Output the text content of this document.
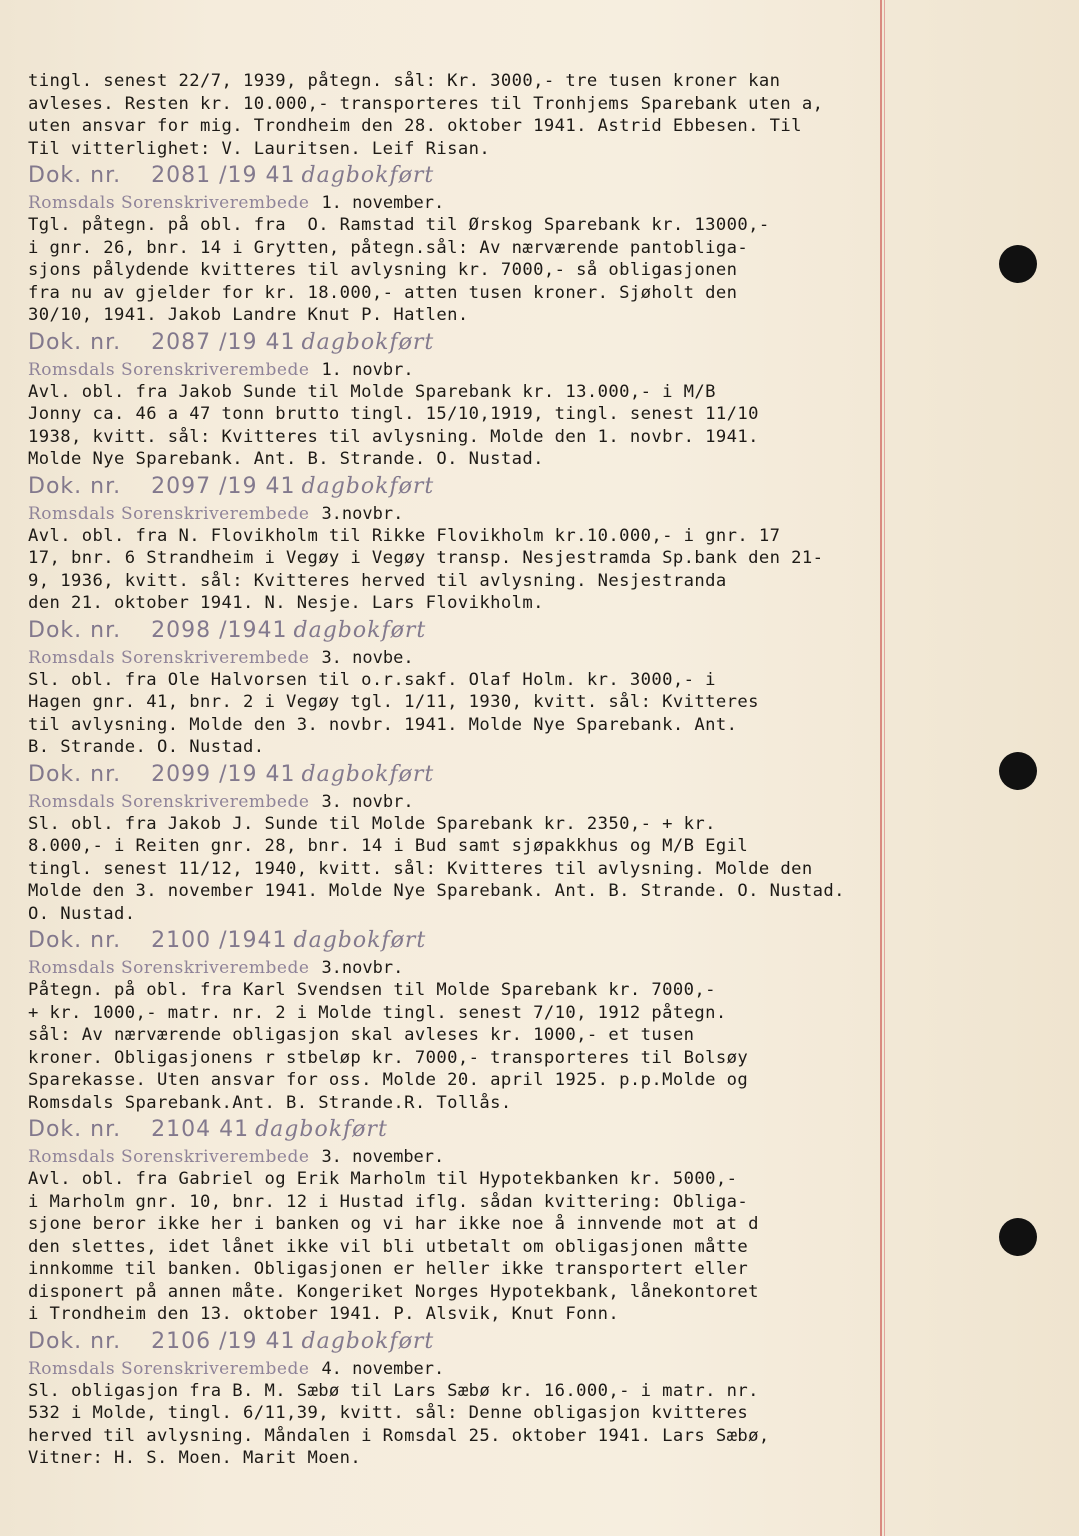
tingl. senest 22/7, 1939, påtegn. sål: Kr. 3000,- tre tusen kroner kan
avleses. Resten kr. 10.000,- transporteres til Tronhjems Sparebank uten a,
uten ansvar for mig. Trondheim den 28. oktober 1941. Astrid Ebbesen. Til
Til vitterlighet: V. Lauritsen. Leif Risan.
Dok. nr. 2081 /19 41 dagbokført
Romsdals Sorenskriverembede 1. november.
Tgl. påtegn. på obl. fra  O. Ramstad til Ørskog Sparebank kr. 13000,-
i gnr. 26, bnr. 14 i Grytten, påtegn.sål: Av nærværende pantobliga-
sjons pålydende kvitteres til avlysning kr. 7000,- så obligasjonen
fra nu av gjelder for kr. 18.000,- atten tusen kroner. Sjøholt den
30/10, 1941. Jakob Landre Knut P. Hatlen.
Dok. nr. 2087 /19 41 dagbokført
Romsdals Sorenskriverembede 1. novbr.
Avl. obl. fra Jakob Sunde til Molde Sparebank kr. 13.000,- i M/B
Jonny ca. 46 a 47 tonn brutto tingl. 15/10,1919, tingl. senest 11/10
1938, kvitt. sål: Kvitteres til avlysning. Molde den 1. novbr. 1941.
Molde Nye Sparebank. Ant. B. Strande. O. Nustad.
Dok. nr. 2097 /19 41 dagbokført
Romsdals Sorenskriverembede 3.novbr.
Avl. obl. fra N. Flovikholm til Rikke Flovikholm kr.10.000,- i gnr. 17
17, bnr. 6 Strandheim i Vegøy i Vegøy transp. Nesjestramda Sp.bank den 21-
9, 1936, kvitt. sål: Kvitteres herved til avlysning. Nesjestranda
den 21. oktober 1941. N. Nesje. Lars Flovikholm.
Dok. nr. 2098 /1941 dagbokført
Romsdals Sorenskriverembede 3. novbe.
Sl. obl. fra Ole Halvorsen til o.r.sakf. Olaf Holm. kr. 3000,- i
Hagen gnr. 41, bnr. 2 i Vegøy tgl. 1/11, 1930, kvitt. sål: Kvitteres
til avlysning. Molde den 3. novbr. 1941. Molde Nye Sparebank. Ant.
B. Strande. O. Nustad.
Dok. nr. 2099 /19 41 dagbokført
Romsdals Sorenskriverembede 3. novbr.
Sl. obl. fra Jakob J. Sunde til Molde Sparebank kr. 2350,- + kr.
8.000,- i Reiten gnr. 28, bnr. 14 i Bud samt sjøpakkhus og M/B Egil
tingl. senest 11/12, 1940, kvitt. sål: Kvitteres til avlysning. Molde den
Molde den 3. november 1941. Molde Nye Sparebank. Ant. B. Strande. O. Nustad.
O. Nustad.
Dok. nr. 2100 /1941 dagbokført
Romsdals Sorenskriverembede 3.novbr.
Påtegn. på obl. fra Karl Svendsen til Molde Sparebank kr. 7000,-
+ kr. 1000,- matr. nr. 2 i Molde tingl. senest 7/10, 1912 påtegn.
sål: Av nærværende obligasjon skal avleses kr. 1000,- et tusen
kroner. Obligasjonens r stbeløp kr. 7000,- transporteres til Bolsøy
Sparekasse. Uten ansvar for oss. Molde 20. april 1925. p.p.Molde og
Romsdals Sparebank.Ant. B. Strande.R. Tollås.
Dok. nr. 2104 41 dagbokført
Romsdals Sorenskriverembede 3. november.
Avl. obl. fra Gabriel og Erik Marholm til Hypotekbanken kr. 5000,-
i Marholm gnr. 10, bnr. 12 i Hustad iflg. sådan kvittering: Obliga-
sjone beror ikke her i banken og vi har ikke noe å innvende mot at d
den slettes, idet lånet ikke vil bli utbetalt om obligasjonen måtte
innkomme til banken. Obligasjonen er heller ikke transportert eller
disponert på annen måte. Kongeriket Norges Hypotekbank, lånekontoret
i Trondheim den 13. oktober 1941. P. Alsvik, Knut Fonn.
Dok. nr. 2106 /19 41 dagbokført
Romsdals Sorenskriverembede 4. november.
Sl. obligasjon fra B. M. Sæbø til Lars Sæbø kr. 16.000,- i matr. nr.
532 i Molde, tingl. 6/11,39, kvitt. sål: Denne obligasjon kvitteres
herved til avlysning. Måndalen i Romsdal 25. oktober 1941. Lars Sæbø,
Vitner: H. S. Moen. Marit Moen.
